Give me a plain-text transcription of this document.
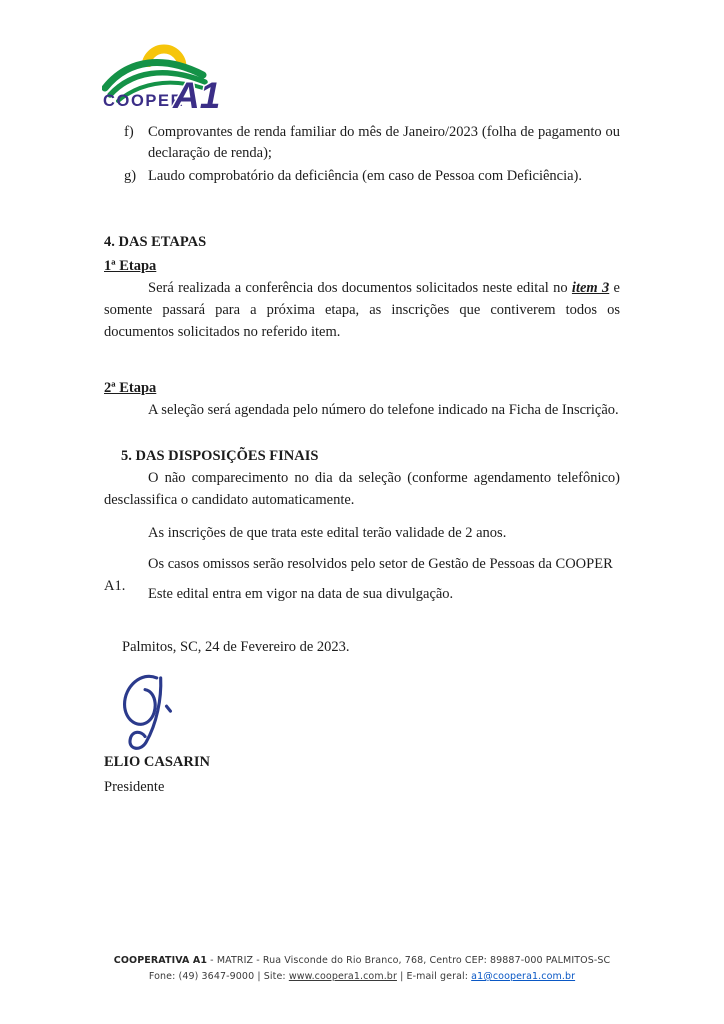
COOPER
A1
f) Comprovantes de renda familiar do mês de Janeiro/2023 (folha de pagamento ou declaração de renda);
g) Laudo comprobatório da deficiência (em caso de Pessoa com Deficiência).
4. DAS ETAPAS
1ª Etapa
Será realizada a conferência dos documentos solicitados neste edital no item 3 e somente passará para a próxima etapa, as inscrições que contiverem todos os documentos solicitados no referido item.
2ª Etapa
A seleção será agendada pelo número do telefone indicado na Ficha de Inscrição.
5. DAS DISPOSIÇÕES FINAIS
O não comparecimento no dia da seleção (conforme agendamento telefônico) desclassifica o candidato automaticamente.
As inscrições de que trata este edital terão validade de 2 anos.
Os casos omissos serão resolvidos pelo setor de Gestão de Pessoas da COOPER A1.	Este edital entra em vigor na data de sua divulgação.
Palmitos, SC, 24 de Fevereiro de 2023.
ELIO CASARIN
Presidente
COOPERATIVA A1 - MATRIZ - Rua Visconde do Rio Branco, 768, Centro CEP: 89887-000 PALMITOS-SC
Fone: (49) 3647-9000 | Site: www.coopera1.com.br | E-mail geral: a1@coopera1.com.br
